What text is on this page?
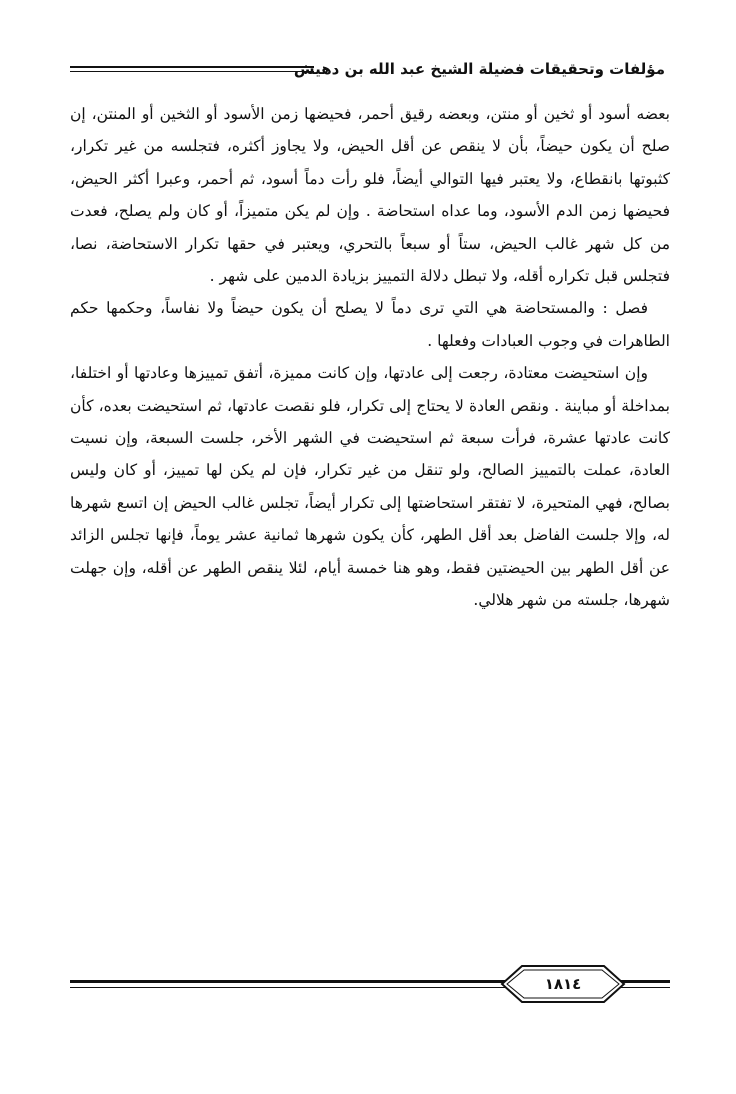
مؤلفات وتحقيقات فضيلة الشيخ عبد الله بن دهيش

بعضه أسود أو ثخين أو منتن، وبعضه رقيق أحمر، فحيضها زمن الأسود أو الثخين أو المنتن، إن صلح أن يكون حيضاً، بأن لا ينقص عن أقل الحيض، ولا يجاوز أكثره، فتجلسه من غير تكرار، كثبوتها بانقطاع، ولا يعتبر فيها التوالي أيضاً، فلو رأت دماً أسود، ثم أحمر، وعبرا أكثر الحيض، فحيضها زمن الدم الأسود، وما عداه استحاضة . وإن لم يكن متميزاً، أو كان ولم يصلح، فعدت من كل شهر غالب الحيض، ستاً أو سبعاً بالتحري، ويعتبر في حقها تكرار الاستحاضة، نصا، فتجلس قبل تكراره أقله، ولا تبطل دلالة التمييز بزيادة الدمين على شهر .

فصل : والمستحاضة هي التي ترى دماً لا يصلح أن يكون حيضاً ولا نفاساً، وحكمها حكم الطاهرات في وجوب العبادات وفعلها .

وإن استحيضت معتادة، رجعت إلى عادتها، وإن كانت مميزة، أتفق تمييزها وعادتها أو اختلفا، بمداخلة أو مباينة . ونقص العادة لا يحتاج إلى تكرار، فلو نقصت عادتها، ثم استحيضت بعده، كأن كانت عادتها عشرة، فرأت سبعة ثم استحيضت في الشهر الأخر، جلست السبعة، وإن نسيت العادة، عملت بالتمييز الصالح، ولو تنقل من غير تكرار، فإن لم يكن لها تمييز، أو كان وليس بصالح، فهي المتحيرة، لا تفتقر استحاضتها إلى تكرار أيضاً، تجلس غالب الحيض إن اتسع شهرها له، وإلا جلست الفاضل بعد أقل الطهر، كأن يكون شهرها ثمانية عشر يوماً، فإنها تجلس الزائد عن أقل الطهر بين الحيضتين فقط، وهو هنا خمسة أيام، لئلا ينقص الطهر عن أقله، وإن جهلت شهرها، جلسته من شهر هلالي.

١٨١٤
